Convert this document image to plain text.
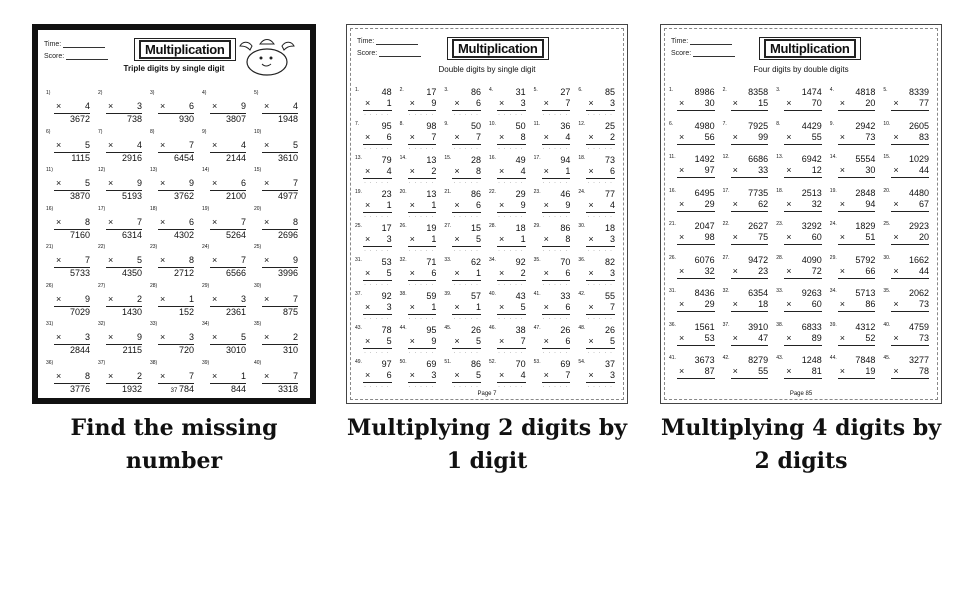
Time:
Score:	Multiplication
Triple digits by single digit
1)

×	4
3672
2)

×	3
738
3)

×	6
930
4)

×	9
3807
5)

×	4
1948
6)

×	5
1115
7)

×	4
2916
8)

×	7
6454
9)

×	4
2144
10)

×	5
3610
11)

×	5
3870
12)

×	9
5193
13)

×	9
3762
14)

×	6
2100
15)

×	7
4977
16)

×	8
7160
17)

×	7
6314
18)

×	6
4302
19)

×	7
5264
20)

×	8
2696
21)

×	7
5733
22)

×	5
4350
23)

×	8
2712
24)

×	7
6566
25)

×	9
3996
26)

×	9
7029
27)

×	2
1430
28)

×	1
152
29)

×	3
2361
30)

×	7
875
31)

×	3
2844
32)

×	9
2115
33)

×	3
720
34)

×	5
3010
35)

×	2
310
36)

×	8
3776
37)

×	2
1932
38)

×	7
784
39)

×	1
844
40)

×	7
3318
37
Time:
Score:	Multiplication
Double digits by single digit
1.	48
× 1
· · · · ·
2.	17
× 9
· · · · ·
3.	86
× 6
· · · · ·
4.	31
× 3
· · · · ·
5.	27
× 7
· · · · ·
6.	85
× 3
· · · · ·
7.	95
× 6
· · · · ·
8.	98
× 7
· · · · ·
9.	50
× 7
· · · · ·
10.	50
× 8
· · · · ·
11.	36
× 4
· · · · ·
12.	25
× 2
· · · · ·
13.	79
× 4
· · · · ·
14.	13
× 2
· · · · ·
15.	28
× 8
· · · · ·
16.	49
× 4
· · · · ·
17.	94
× 1
· · · · ·
18.	73
× 6
· · · · ·
19.	23
× 1
· · · · ·
20.	13
× 1
· · · · ·
21.	86
× 6
· · · · ·
22.	29
× 9
· · · · ·
23.	46
× 9
· · · · ·
24.	77
× 4
· · · · ·
25.	17
× 3
· · · · ·
26.	19
× 1
· · · · ·
27.	15
× 5
· · · · ·
28.	18
× 1
· · · · ·
29.	86
× 8
· · · · ·
30.	18
× 3
· · · · ·
31.	53
× 5
· · · · ·
32.	71
× 6
· · · · ·
33.	62
× 1
· · · · ·
34.	92
× 2
· · · · ·
35.	70
× 6
· · · · ·
36.	82
× 3
· · · · ·
37.	92
× 3
· · · · ·
38.	59
× 1
· · · · ·
39.	57
× 1
· · · · ·
40.	43
× 5
· · · · ·
41.	33
× 6
· · · · ·
42.	55
× 7
· · · · ·
43.	78
× 5
· · · · ·
44.	95
× 9
· · · · ·
45.	26
× 5
· · · · ·
46.	38
× 7
· · · · ·
47.	26
× 6
· · · · ·
48.	26
× 5
· · · · ·
49.	97
× 6
· · · · ·
50.	69
× 3
· · · · ·
51.	86
× 5
· · · · ·
52.	70
× 4
· · · · ·
53.	69
× 7
· · · · ·
54.	37
× 3
· · · · ·
Page 7
Time:
Score:	Multiplication
Four digits by double digits
1.	8986
× 30
2.	8358
× 15
3.	1474
× 70
4.	4818
× 20
5.	8339
× 77
6.	4980
× 56
7.	7925
× 99
8.	4429
× 55
9.	2942
× 73
10.	2605
× 83
11.	1492
× 97
12.	6686
× 33
13.	6942
× 12
14.	5554
× 30
15.	1029
× 44
16.	6495
× 29
17.	7735
× 62
18.	2513
× 32
19.	2848
× 94
20.	4480
× 67
21.	2047
× 98
22.	2627
× 75
23.	3292
× 60
24.	1829
× 51
25.	2923
× 20
26.	6076
× 32
27.	9472
× 23
28.	4090
× 72
29.	5792
× 66
30.	1662
× 44
31.	8436
× 29
32.	6354
× 18
33.	9263
× 60
34.	5713
× 86
35.	2062
× 73
36.	1561
× 53
37.	3910
× 47
38.	6833
× 89
39.	4312
× 52
40.	4759
× 73
41.	3673
× 87
42.	8279
× 55
43.	1248
× 81
44.	7848
× 19
45.	3277
× 78
Page 85
Find the missing number
Multiplying 2 digits by 1 digit
Multiplying 4 digits by 2 digits
